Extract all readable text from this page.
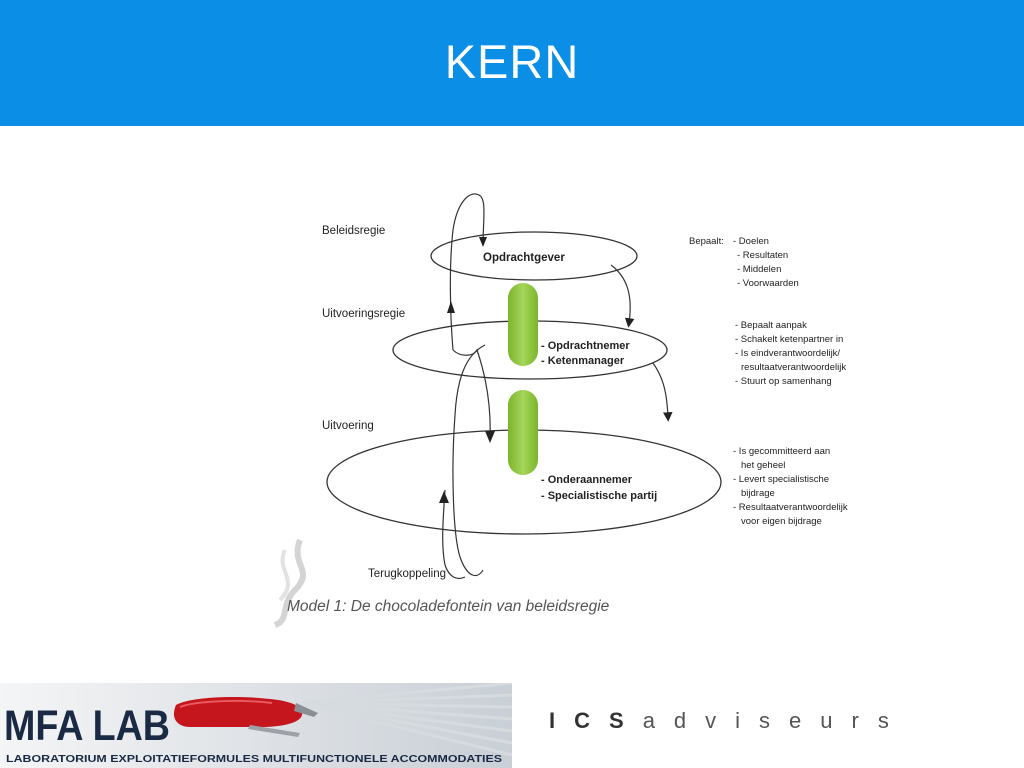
KERN
Beleidsregie
Uitvoeringsregie
Uitvoering
Terugkoppeling
Opdrachtgever
- Opdrachtnemer
- Ketenmanager
- Onderaannemer
- Specialistische partij
Bepaalt: - Doelen
- Resultaten
- Middelen
- Voorwaarden
- Bepaalt aanpak
- Schakelt ketenpartner in
- Is eindverantwoordelijk/
resultaatverantwoordelijk
- Stuurt op samenhang
- Is gecommitteerd aan
het geheel
- Levert specialistische
bijdrage
- Resultaatverantwoordelijk
voor eigen bijdrage
Model 1: De chocoladefontein van beleidsregie
MFA LAB
LABORATORIUM EXPLOITATIEFORMULES MULTIFUNCTIONELE ACCOMMODATIES
ICSadviseurs
